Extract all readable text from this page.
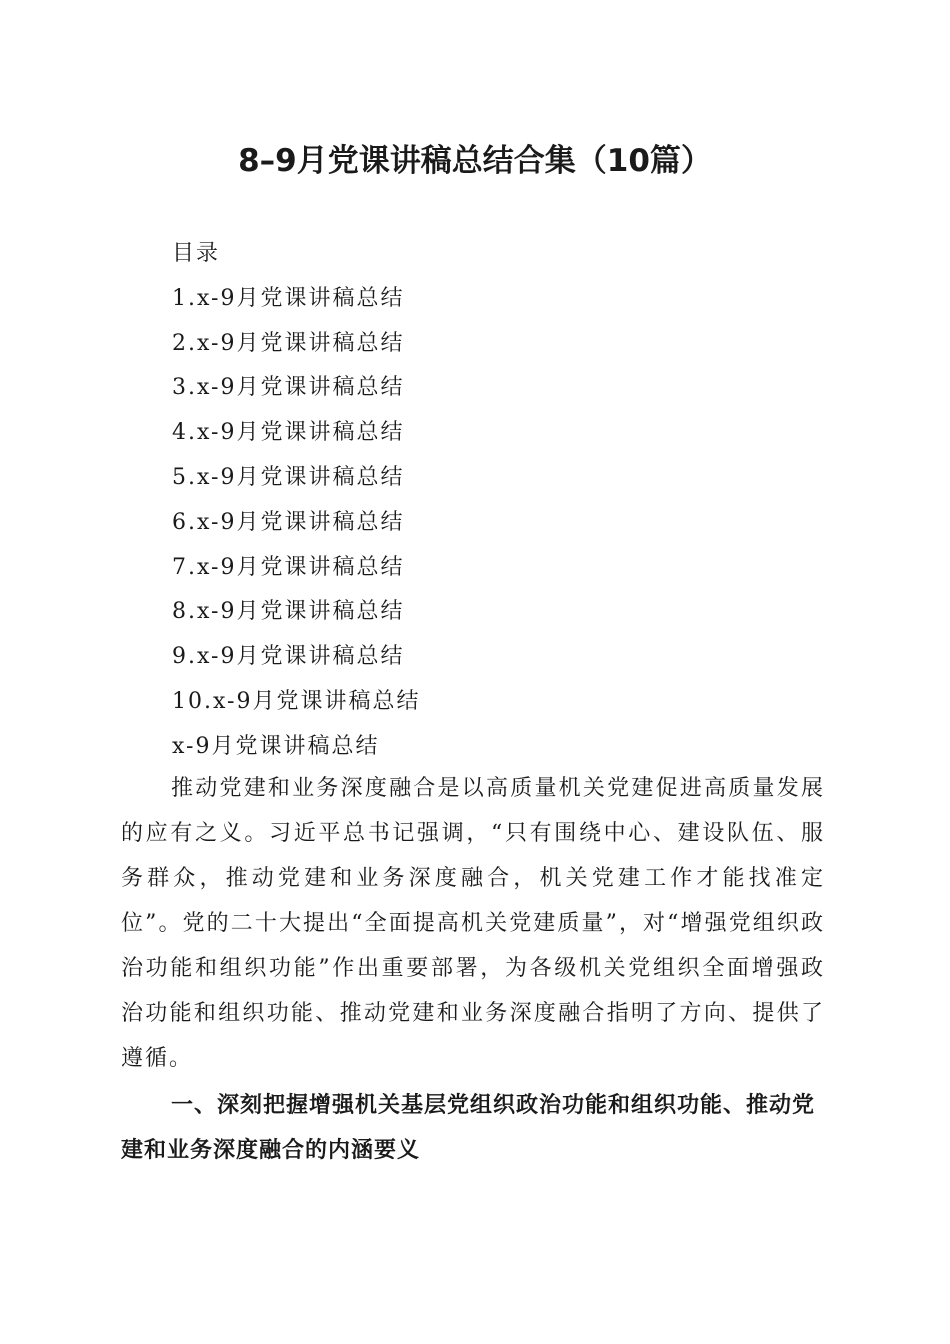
8–9月党课讲稿总结合集（10篇）
目录
1.x-9月党课讲稿总结
2.x-9月党课讲稿总结
3.x-9月党课讲稿总结
4.x-9月党课讲稿总结
5.x-9月党课讲稿总结
6.x-9月党课讲稿总结
7.x-9月党课讲稿总结
8.x-9月党课讲稿总结
9.x-9月党课讲稿总结
10.x-9月党课讲稿总结
x-9月党课讲稿总结

推动党建和业务深度融合是以高质量机关党建促进高质量发展的应有之义。习近平总书记强调，“只有围绕中心、建设队伍、服务群众，推动党建和业务深度融合，机关党建工作才能找准定位”。党的二十大提出“全面提高机关党建质量”，对“增强党组织政治功能和组织功能”作出重要部署，为各级机关党组织全面增强政治功能和组织功能、推动党建和业务深度融合指明了方向、提供了遵循。

一、深刻把握增强机关基层党组织政治功能和组织功能、推动党建和业务深度融合的内涵要义
